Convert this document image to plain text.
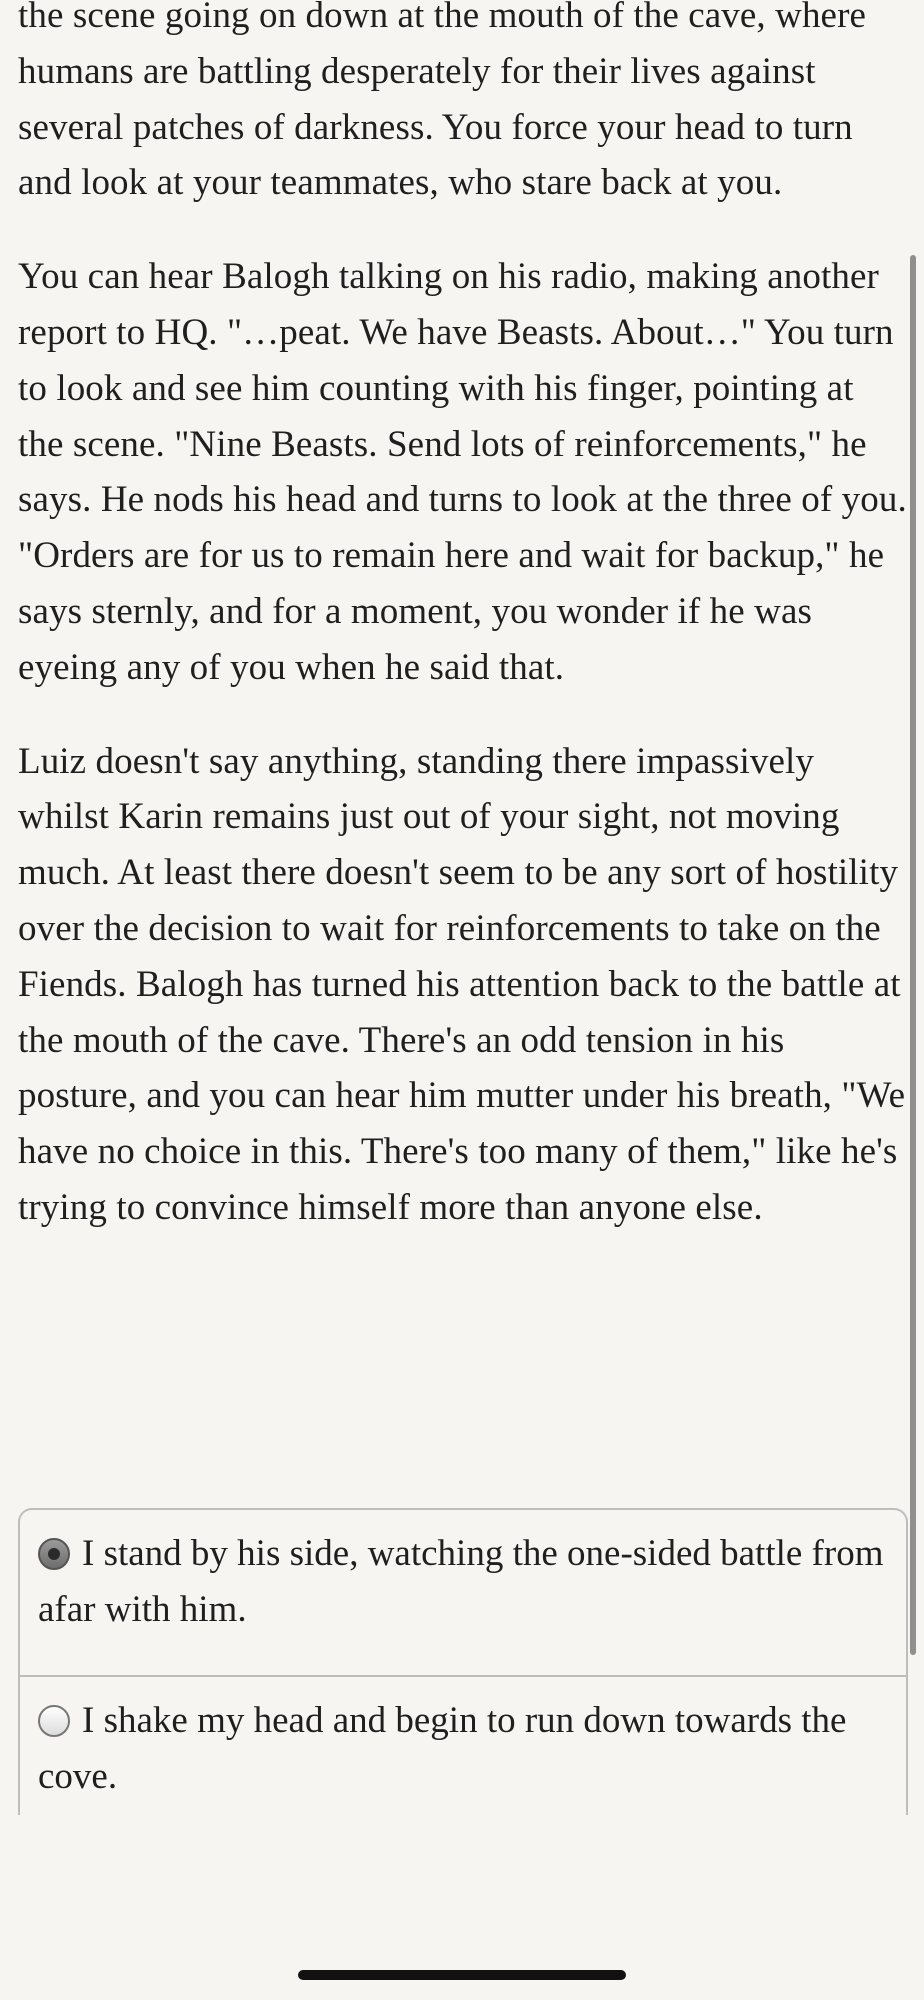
the scene going on down at the mouth of the cave, where humans are battling desperately for their lives against several patches of darkness. You force your head to turn and look at your teammates, who stare back at you.

You can hear Balogh talking on his radio, making another report to HQ. "…peat. We have Beasts. About…" You turn to look and see him counting with his finger, pointing at the scene. "Nine Beasts. Send lots of reinforcements," he says. He nods his head and turns to look at the three of you. "Orders are for us to remain here and wait for backup," he says sternly, and for a moment, you wonder if he was eyeing any of you when he said that.

Luiz doesn't say anything, standing there impassively whilst Karin remains just out of your sight, not moving much. At least there doesn't seem to be any sort of hostility over the decision to wait for reinforcements to take on the Fiends. Balogh has turned his attention back to the battle at the mouth of the cave. There's an odd tension in his posture, and you can hear him mutter under his breath, "We have no choice in this. There's too many of them," like he's trying to convince himself more than anyone else.

I stand by his side, watching the one-sided battle from afar with him.
I shake my head and begin to run down towards the cove.
